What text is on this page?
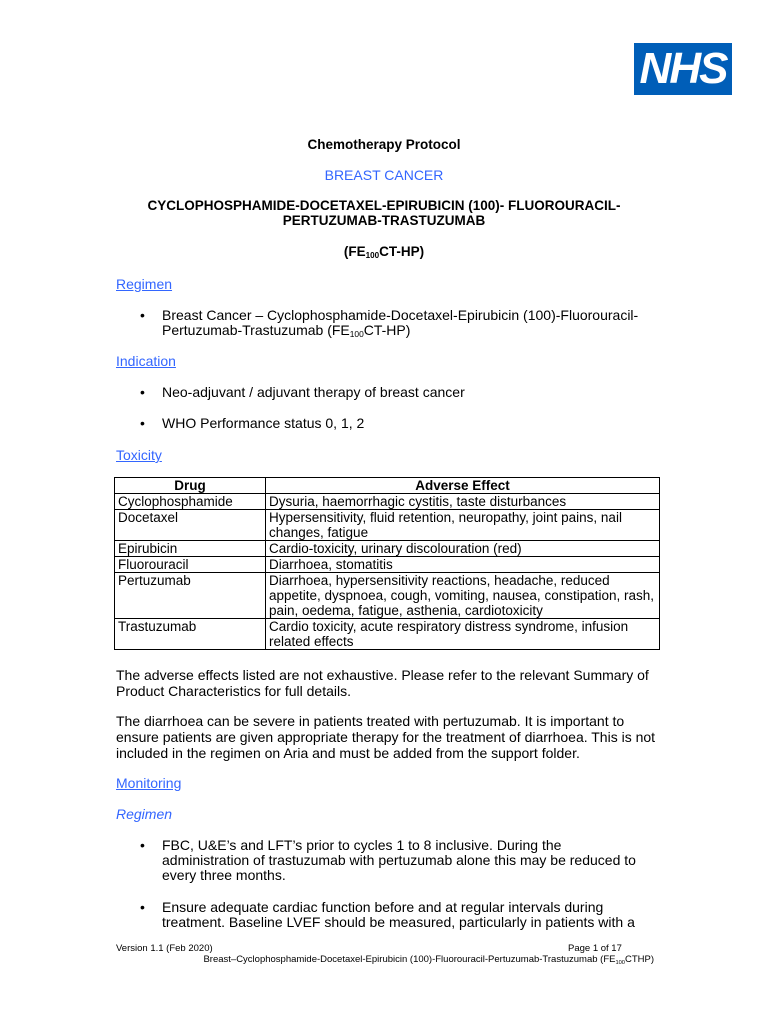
NHS
Chemotherapy Protocol
BREAST CANCER
CYCLOPHOSPHAMIDE-DOCETAXEL-EPIRUBICIN (100)- FLUOROURACIL-
PERTUZUMAB-TRASTUZUMAB
$(FE_{100}CT-HP)$
Regimen
• Breast Cancer – Cyclophosphamide-Docetaxel-Epirubicin (100)-Fluorouracil-
Pertuzumab-Trastuzumab $(FE_{100}CT-HP)$
Indication
• Neo-adjuvant / adjuvant therapy of breast cancer
• WHO Performance status 0, 1, 2
Toxicity
Drug	Adverse Effect
Cyclophosphamide	Dysuria, haemorrhagic cystitis, taste disturbances
Docetaxel	Hypersensitivity, fluid retention, neuropathy, joint pains, nail changes, fatigue
Epirubicin	Cardio-toxicity, urinary discolouration (red)
Fluorouracil	Diarrhoea, stomatitis
Pertuzumab	Diarrhoea, hypersensitivity reactions, headache, reduced appetite, dyspnoea, cough, vomiting, nausea, constipation, rash, pain, oedema, fatigue, asthenia, cardiotoxicity
Trastuzumab	Cardio toxicity, acute respiratory distress syndrome, infusion related effects
The adverse effects listed are not exhaustive. Please refer to the relevant Summary of Product Characteristics for full details.
The diarrhoea can be severe in patients treated with pertuzumab. It is important to ensure patients are given appropriate therapy for the treatment of diarrhoea. This is not included in the regimen on Aria and must be added from the support folder.
Monitoring
Regimen
• FBC, U&E’s and LFT’s prior to cycles 1 to 8 inclusive. During the administration of trastuzumab with pertuzumab alone this may be reduced to every three months.
• Ensure adequate cardiac function before and at regular intervals during treatment. Baseline LVEF should be measured, particularly in patients with a
Version 1.1 (Feb 2020)	Page 1 of 17
Breast–Cyclophosphamide-Docetaxel-Epirubicin (100)-Fluorouracil-Pertuzumab-Trastuzumab $(FE_{100}CTHP)$
